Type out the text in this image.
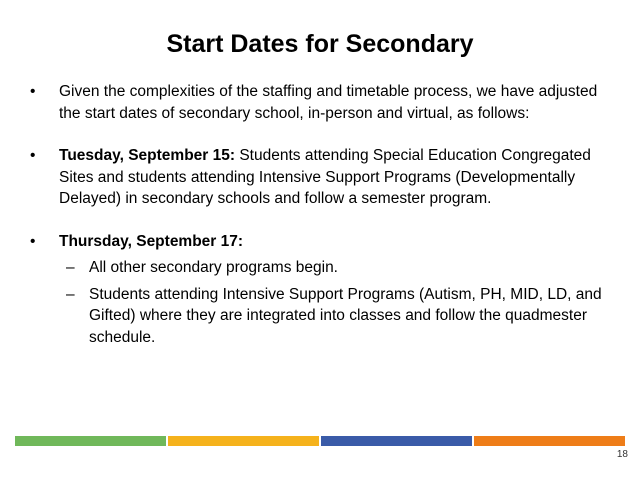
Start Dates for Secondary

•	Given the complexities of the staffing and timetable process, we have adjusted the start dates of secondary school, in-person and virtual, as follows:

•	Tuesday, September 15: Students attending Special Education Congregated Sites and students attending Intensive Support Programs (Developmentally Delayed) in secondary schools and follow a semester program.

•	Thursday, September 17:

– All other secondary programs begin.

– Students attending Intensive Support Programs (Autism, PH, MID, LD, and Gifted) where they are integrated into classes and follow the quadmester schedule.

18
